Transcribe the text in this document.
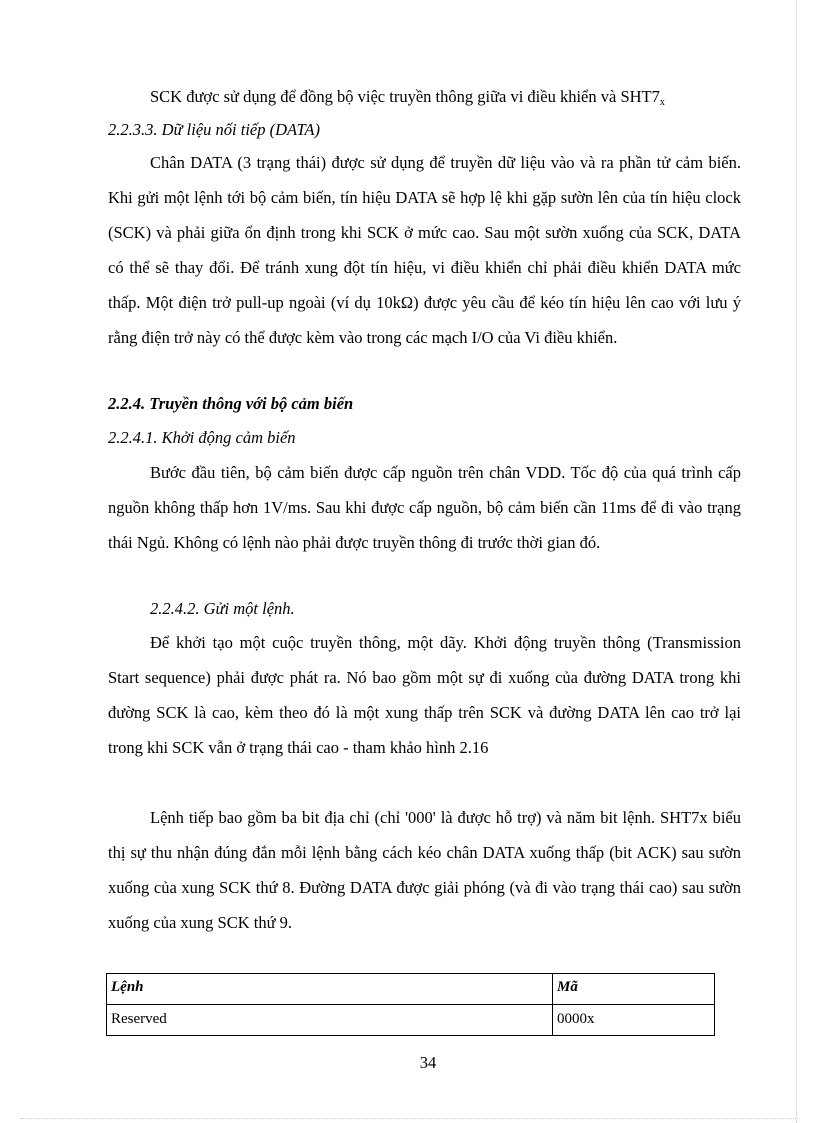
SCK được sử dụng để đồng bộ việc truyền thông giữa vi điều khiển và $SHT7_x$

2.2.3.3. Dữ liệu nối tiếp (DATA)

Chân DATA (3 trạng thái) được sử dụng để truyền dữ liệu vào và ra phần tử cảm biến. Khi gửi một lệnh tới bộ cảm biến, tín hiệu DATA sẽ hợp lệ khi gặp sườn lên của tín hiệu clock (SCK) và phải giữa ổn định trong khi SCK ở mức cao. Sau một sườn xuống của SCK, DATA có thể sẽ thay đổi. Để tránh xung đột tín hiệu, vi điều khiển chỉ phải điều khiển DATA mức thấp. Một điện trở pull-up ngoài (ví dụ 10kΩ) được yêu cầu để kéo tín hiệu lên cao với lưu ý rằng điện trở này có thể được kèm vào trong các mạch I/O của Vi điều khiển.

2.2.4. Truyền thông với bộ cảm biến

2.2.4.1. Khởi động cảm biến

Bước đầu tiên, bộ cảm biến được cấp nguồn trên chân VDD. Tốc độ của quá trình cấp nguồn không thấp hơn 1V/ms. Sau khi được cấp nguồn, bộ cảm biến cần 11ms để đi vào trạng thái Ngủ. Không có lệnh nào phải được truyền thông đi trước thời gian đó.

2.2.4.2. Gửi một lệnh.

Để khởi tạo một cuộc truyền thông, một dãy. Khởi động truyền thông (Transmission Start sequence) phải được phát ra. Nó bao gồm một sự đi xuống của đường DATA trong khi đường SCK là cao, kèm theo đó là một xung thấp trên SCK và đường DATA lên cao trở lại trong khi SCK vẫn ở trạng thái cao - tham khảo hình 2.16

Lệnh tiếp bao gồm ba bit địa chỉ (chỉ '000' là được hỗ trợ) và năm bit lệnh. SHT7x biểu thị sự thu nhận đúng đắn mỗi lệnh bằng cách kéo chân DATA xuống thấp (bit ACK) sau sườn xuống của xung SCK thứ 8. Đường DATA được giải phóng (và đi vào trạng thái cao) sau sườn xuống của xung SCK thứ 9.

Lệnh	Mã
Reserved	0000x

34
